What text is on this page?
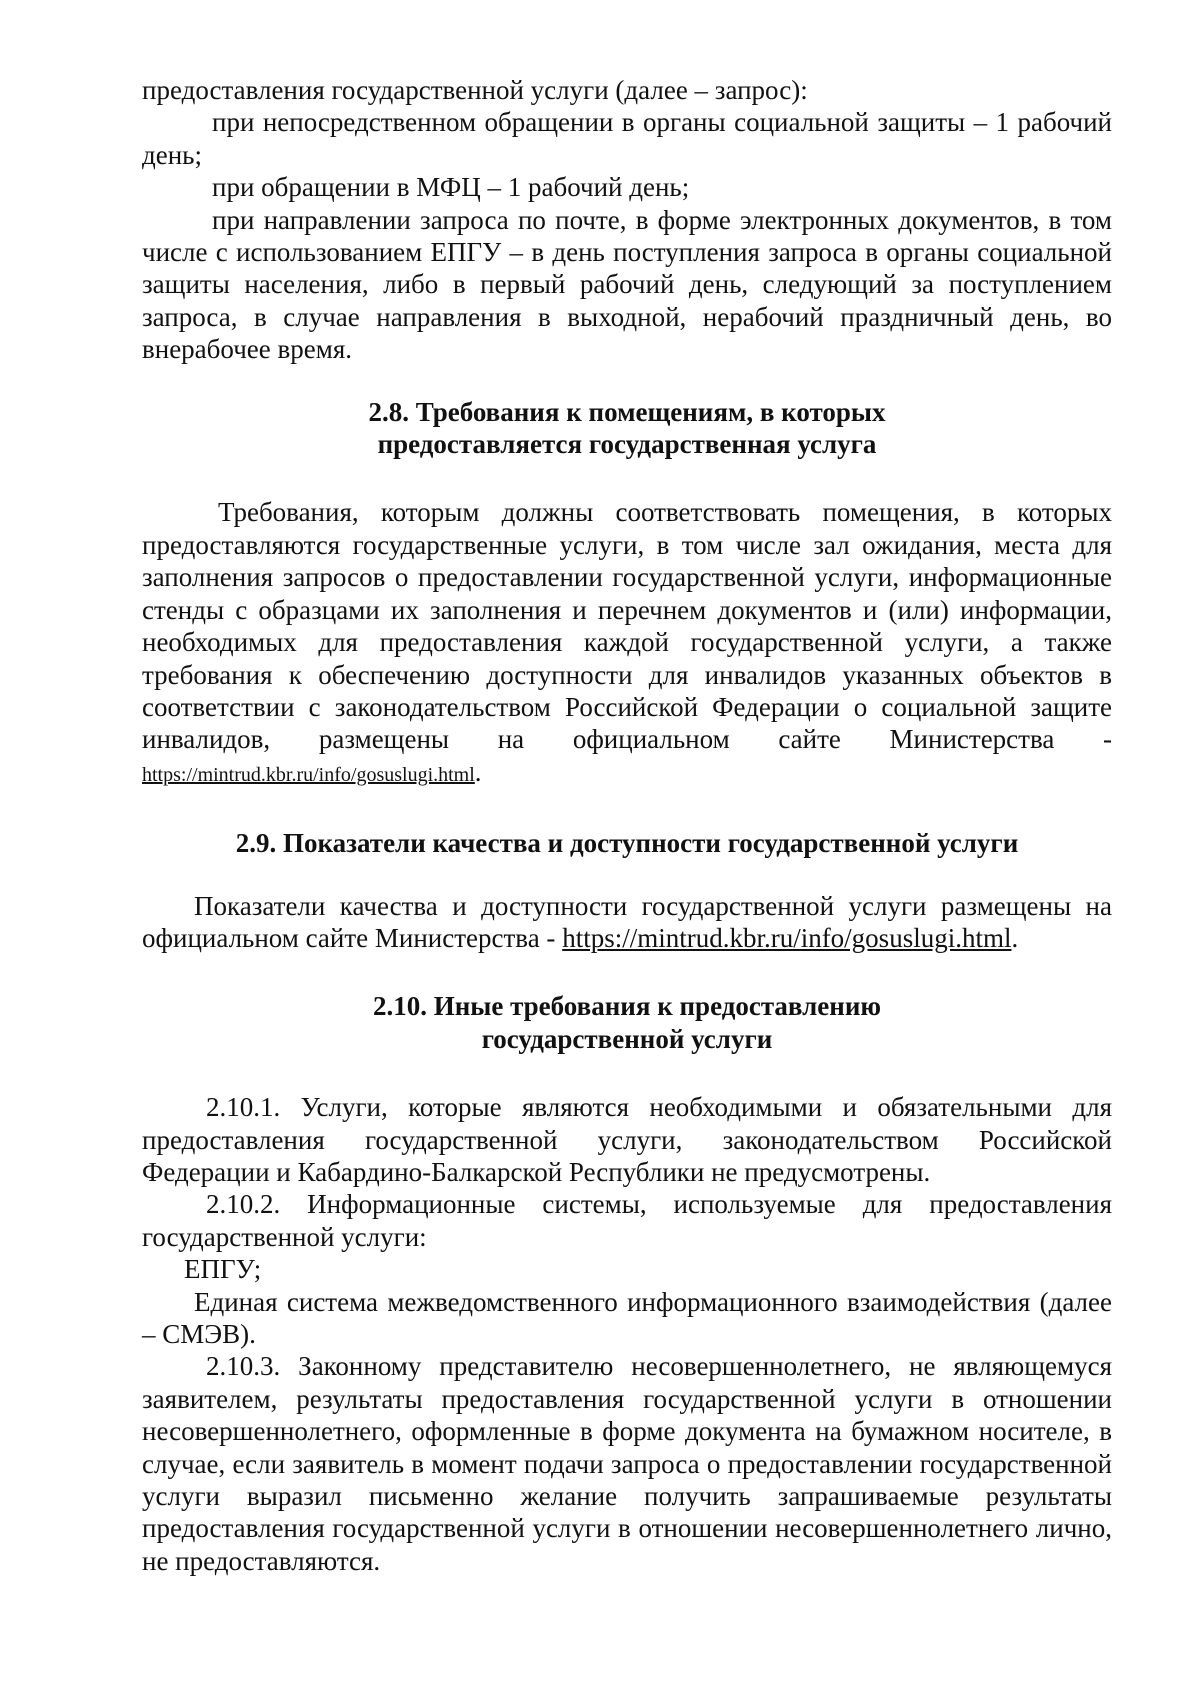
предоставления государственной услуги (далее – запрос):

при непосредственном обращении в органы социальной защиты – 1 рабочий день;

при обращении в МФЦ – 1 рабочий день;

при направлении запроса по почте, в форме электронных документов, в том числе с использованием ЕПГУ – в день поступления запроса в органы социальной защиты населения, либо в первый рабочий день, следующий за поступлением запроса, в случае направления в выходной, нерабочий праздничный день, во внерабочее время.

2.8. Требования к помещениям, в которых

предоставляется государственная услуга

Требования, которым должны соответствовать помещения, в которых предоставляются государственные услуги, в том числе зал ожидания, места для заполнения запросов о предоставлении государственной услуги, информационные стенды с образцами их заполнения и перечнем документов и (или) информации, необходимых для предоставления каждой государственной услуги, а также требования к обеспечению доступности для инвалидов указанных объектов в соответствии с законодательством Российской Федерации о социальной защите инвалидов, размещены на официальном сайте Министерства - https://mintrud.kbr.ru/info/gosuslugi.html.

2.9. Показатели качества и доступности государственной услуги

Показатели качества и доступности государственной услуги размещены на официальном сайте Министерства - https://mintrud.kbr.ru/info/gosuslugi.html.

2.10. Иные требования к предоставлению

государственной услуги

2.10.1. Услуги, которые являются необходимыми и обязательными для предоставления государственной услуги, законодательством Российской Федерации и Кабардино-Балкарской Республики не предусмотрены.

2.10.2. Информационные системы, используемые для предоставления государственной услуги:

ЕПГУ;

Единая система межведомственного информационного взаимодействия (далее – СМЭВ).

2.10.3. Законному представителю несовершеннолетнего, не являющемуся заявителем, результаты предоставления государственной услуги в отношении несовершеннолетнего, оформленные в форме документа на бумажном носителе, в случае, если заявитель в момент подачи запроса о предоставлении государственной услуги выразил письменно желание получить запрашиваемые результаты предоставления государственной услуги в отношении несовершеннолетнего лично, не предоставляются.
